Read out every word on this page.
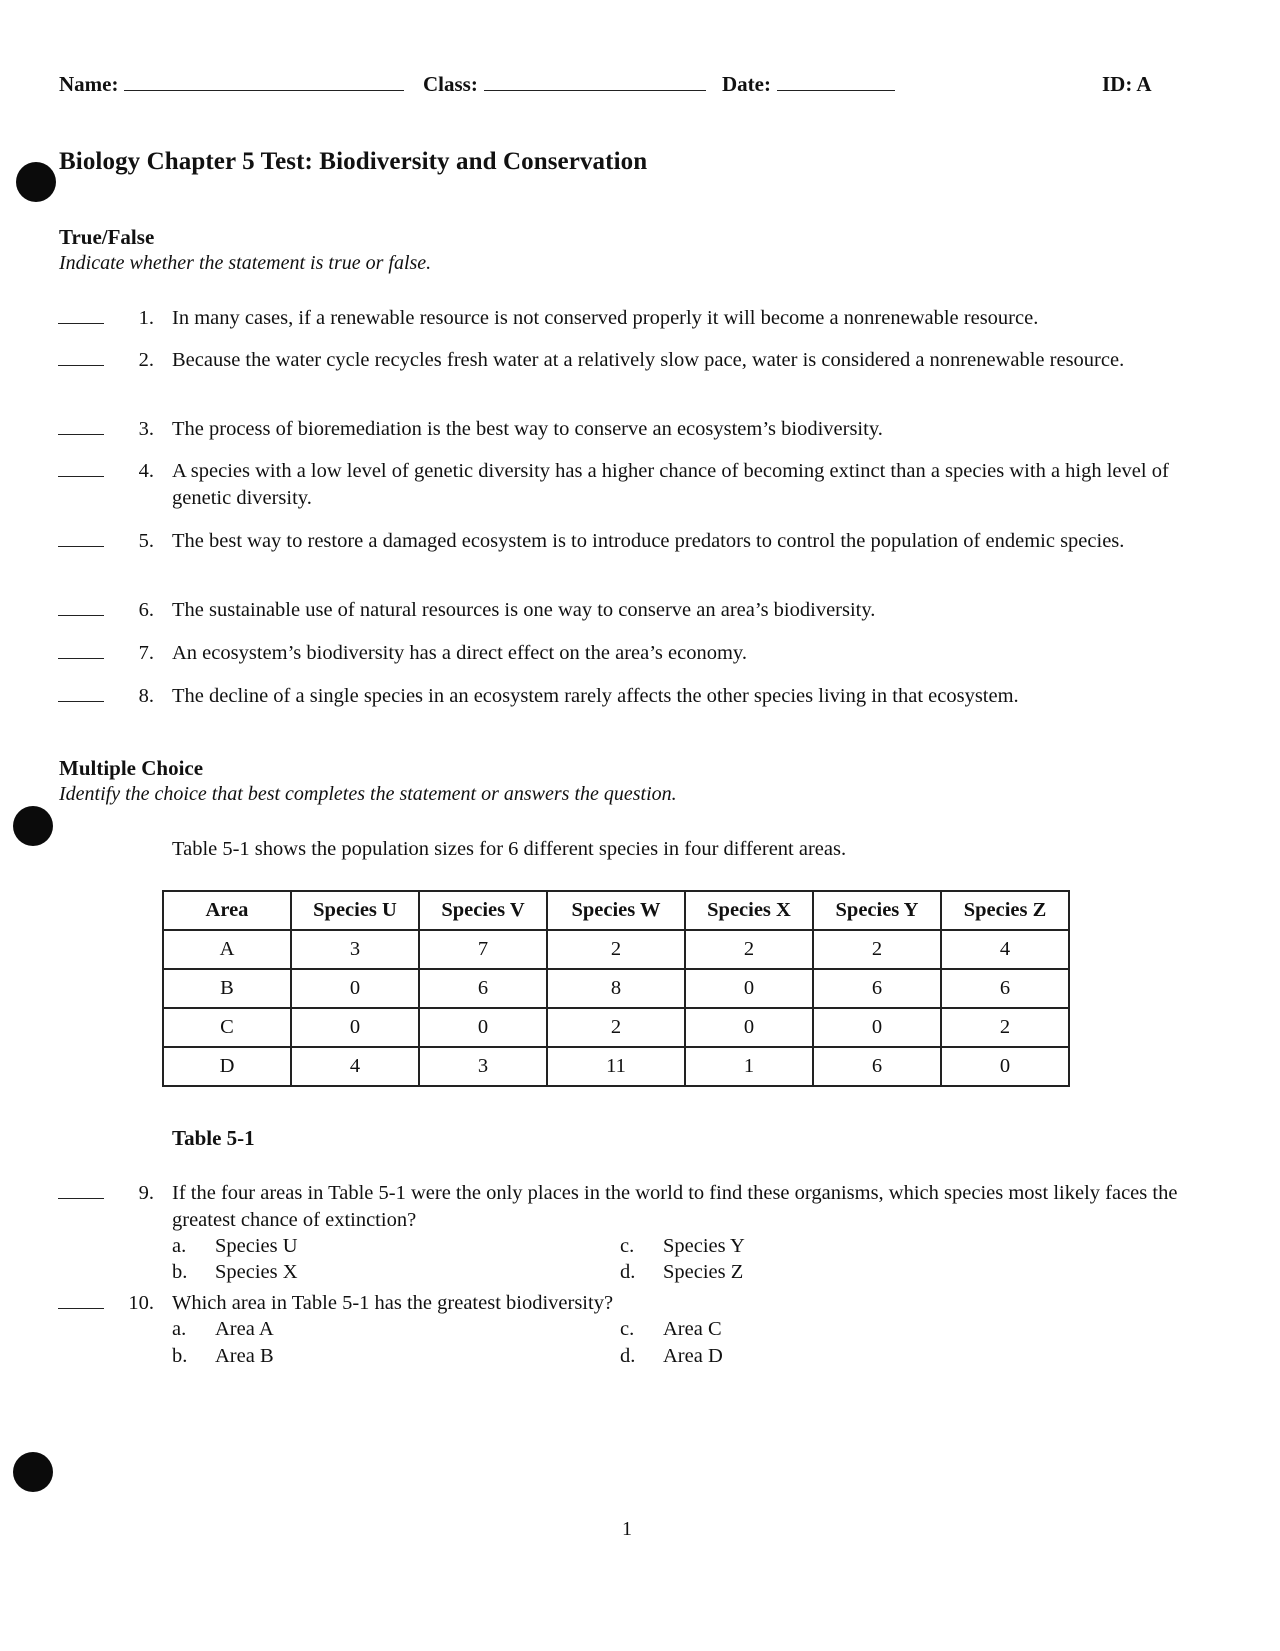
Name:	Class:	Date:	ID: A
Biology Chapter 5 Test: Biodiversity and Conservation
True/False
Indicate whether the statement is true or false.
1. In many cases, if a renewable resource is not conserved properly it will become a nonrenewable resource.
2. Because the water cycle recycles fresh water at a relatively slow pace, water is considered a nonrenewable resource.
3. The process of bioremediation is the best way to conserve an ecosystem’s biodiversity.
4. A species with a low level of genetic diversity has a higher chance of becoming extinct than a species with a high level of genetic diversity.
5. The best way to restore a damaged ecosystem is to introduce predators to control the population of endemic species.
6. The sustainable use of natural resources is one way to conserve an area’s biodiversity.
7. An ecosystem’s biodiversity has a direct effect on the area’s economy.
8. The decline of a single species in an ecosystem rarely affects the other species living in that ecosystem.
Multiple Choice
Identify the choice that best completes the statement or answers the question.
Table 5-1 shows the population sizes for 6 different species in four different areas.
Area	Species U	Species V	Species W	Species X	Species Y	Species Z
A	3	7	2	2	2	4
B	0	6	8	0	6	6
C	0	0	2	0	0	2
D	4	3	11	1	6	0
Table 5-1
9. If the four areas in Table 5-1 were the only places in the world to find these organisms, which species most likely faces the greatest chance of extinction?
a. Species U
b. Species X
c. Species Y
d. Species Z
10. Which area in Table 5-1 has the greatest biodiversity?
a. Area A
b. Area B
c. Area C
d. Area D
1
